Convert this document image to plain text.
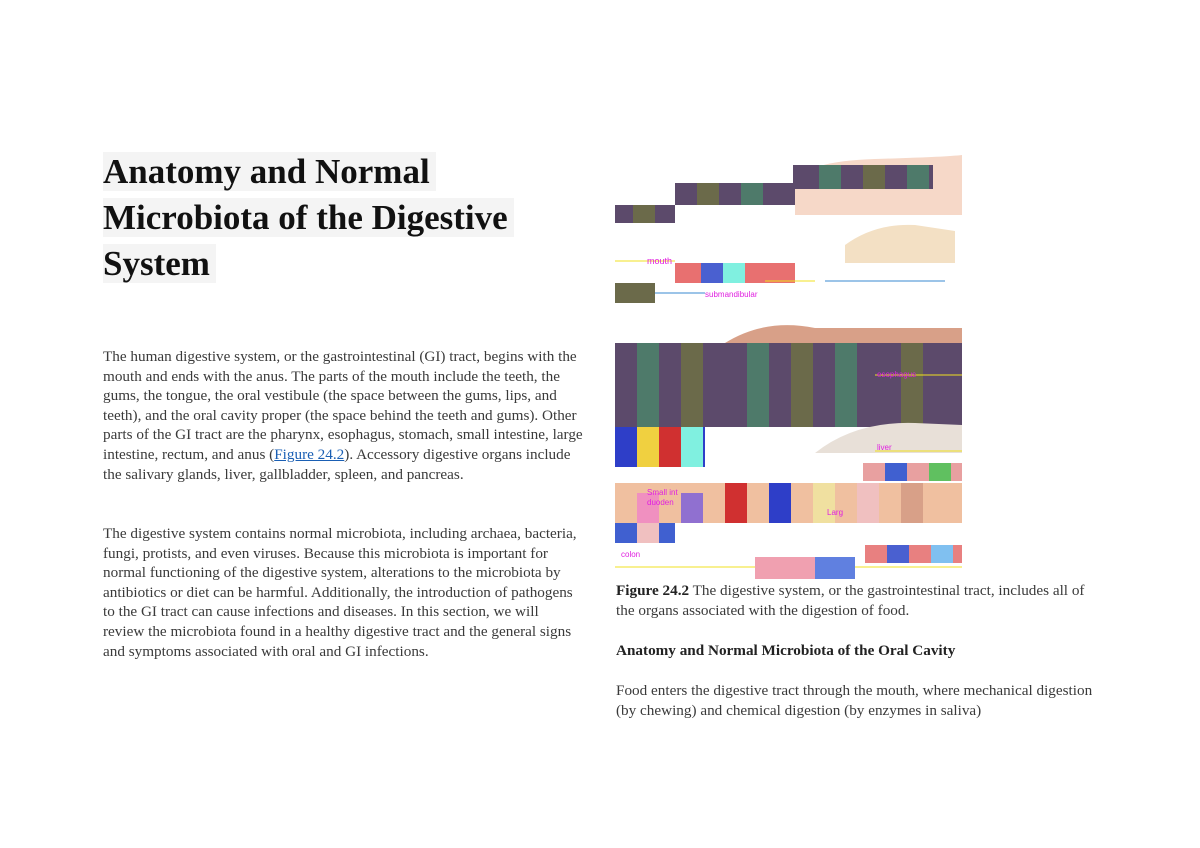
Anatomy and Normal
Microbiota of the Digestive
System

The human digestive system, or the gastrointestinal (GI) tract, begins with the mouth and ends with the anus. The parts of the mouth include the teeth, the gums, the tongue, the oral vestibule (the space between the gums, lips, and teeth), and the oral cavity proper (the space behind the teeth and gums). Other parts of the GI tract are the pharynx, esophagus, stomach, small intestine, large intestine, rectum, and anus (Figure 24.2). Accessory digestive organs include the salivary glands, liver, gallbladder, spleen, and pancreas.

The digestive system contains normal microbiota, including archaea, bacteria, fungi, protists, and even viruses. Because this microbiota is important for normal functioning of the digestive system, alterations to the microbiota by antibiotics or diet can be harmful. Additionally, the introduction of pathogens to the GI tract can cause infections and diseases. In this section, we will review the microbiota found in a healthy digestive tract and the general signs and symptoms associated with oral and GI infections.

mouth
submandibular
esophagus
liver
Small int
duoden
Larg
colon

Figure 24.2 The digestive system, or the gastrointestinal tract, includes all of the organs associated with the digestion of food.

Anatomy and Normal Microbiota of the Oral Cavity

Food enters the digestive tract through the mouth, where mechanical digestion (by chewing) and chemical digestion (by enzymes in saliva)
